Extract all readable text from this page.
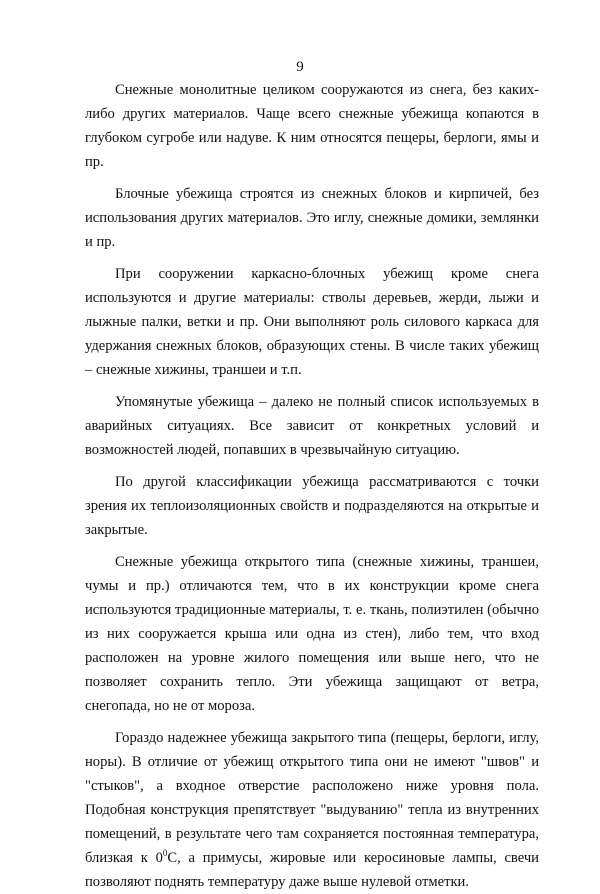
9

Снежные монолитные целиком сооружаются из снега, без каких-либо других материалов. Чаще всего снежные убежища копаются в глубоком сугробе или надуве. К ним относятся пещеры, берлоги, ямы и пр.

Блочные убежища строятся из снежных блоков и кирпичей, без использования других материалов. Это иглу, снежные домики, землянки и пр.

При сооружении каркасно-блочных убежищ кроме снега используются и другие материалы: стволы деревьев, жерди, лыжи и лыжные палки, ветки и пр. Они выполняют роль силового каркаса для удержания снежных блоков, образующих стены. В числе таких убежищ – снежные хижины, траншеи и т.п.

Упомянутые убежища – далеко не полный список используемых в аварийных ситуациях. Все зависит от конкретных условий и возможностей людей, попавших в чрезвычайную ситуацию.

По другой классификации убежища рассматриваются с точки зрения их теплоизоляционных свойств и подразделяются на открытые и закрытые.

Снежные убежища открытого типа (снежные хижины, траншеи, чумы и пр.) отличаются тем, что в их конструкции кроме снега используются традиционные материалы, т. е. ткань, полиэтилен (обычно из них сооружается крыша или одна из стен), либо тем, что вход расположен на уровне жилого помещения или выше него, что не позволяет сохранить тепло. Эти убежища защищают от ветра, снегопада, но не от мороза.

Гораздо надежнее убежища закрытого типа (пещеры, берлоги, иглу, норы). В отличие от убежищ открытого типа они не имеют "швов" и "стыков", а входное отверстие расположено ниже уровня пола. Подобная конструкция препятствует "выдуванию" тепла из внутренних помещений, в результате чего там сохраняется постоянная температура, близкая к $0^0С$, а примусы, жировые или керосиновые лампы, свечи позволяют поднять температуру даже выше нулевой отметки.
